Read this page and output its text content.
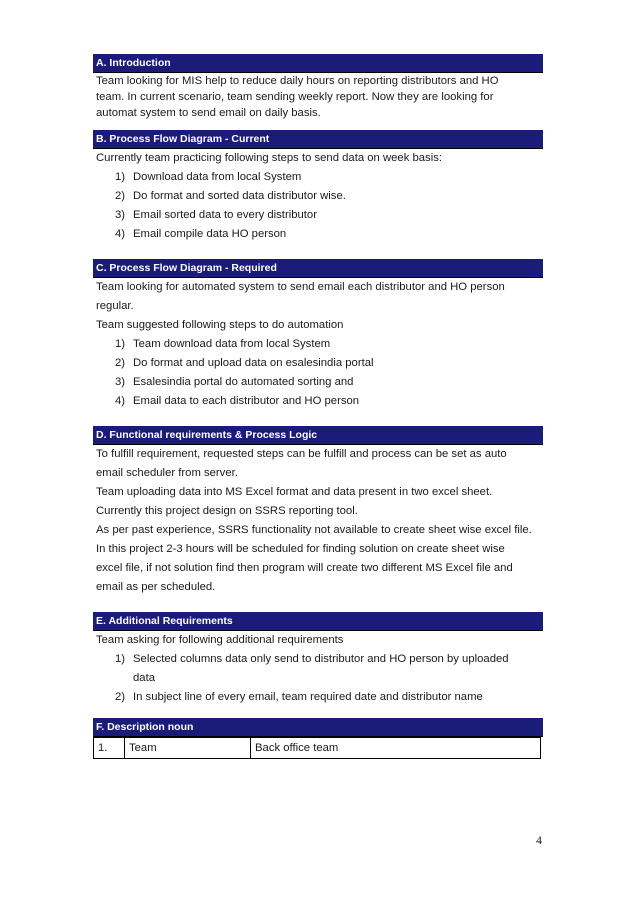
A. Introduction
Team looking for MIS help to reduce daily hours on reporting distributors and HO
team. In current scenario, team sending weekly report. Now they are looking for
automat system to send email on daily basis.
B. Process Flow Diagram - Current
Currently team practicing following steps to send data on week basis:
1) Download data from local System
2) Do format and sorted data distributor wise.
3) Email sorted data to every distributor
4) Email compile data HO person
C. Process Flow Diagram - Required
Team looking for automated system to send email each distributor and HO person
regular.
Team suggested following steps to do automation
1) Team download data from local System
2) Do format and upload data on esalesindia portal
3) Esalesindia portal do automated sorting and
4) Email data to each distributor and HO person
D. Functional requirements & Process Logic
To fulfill requirement, requested steps can be fulfill and process can be set as auto
email scheduler from server.
Team uploading data into MS Excel format and data present in two excel sheet.
Currently this project design on SSRS reporting tool.
As per past experience, SSRS functionality not available to create sheet wise excel file.
In this project 2-3 hours will be scheduled for finding solution on create sheet wise
excel file, if not solution find then program will create two different MS Excel file and
email as per scheduled.
E. Additional Requirements
Team asking for following additional requirements
1) Selected columns data only send to distributor and HO person by uploaded
data
2) In subject line of every email, team required date and distributor name
F. Description noun
1.	Team	Back office team
4
